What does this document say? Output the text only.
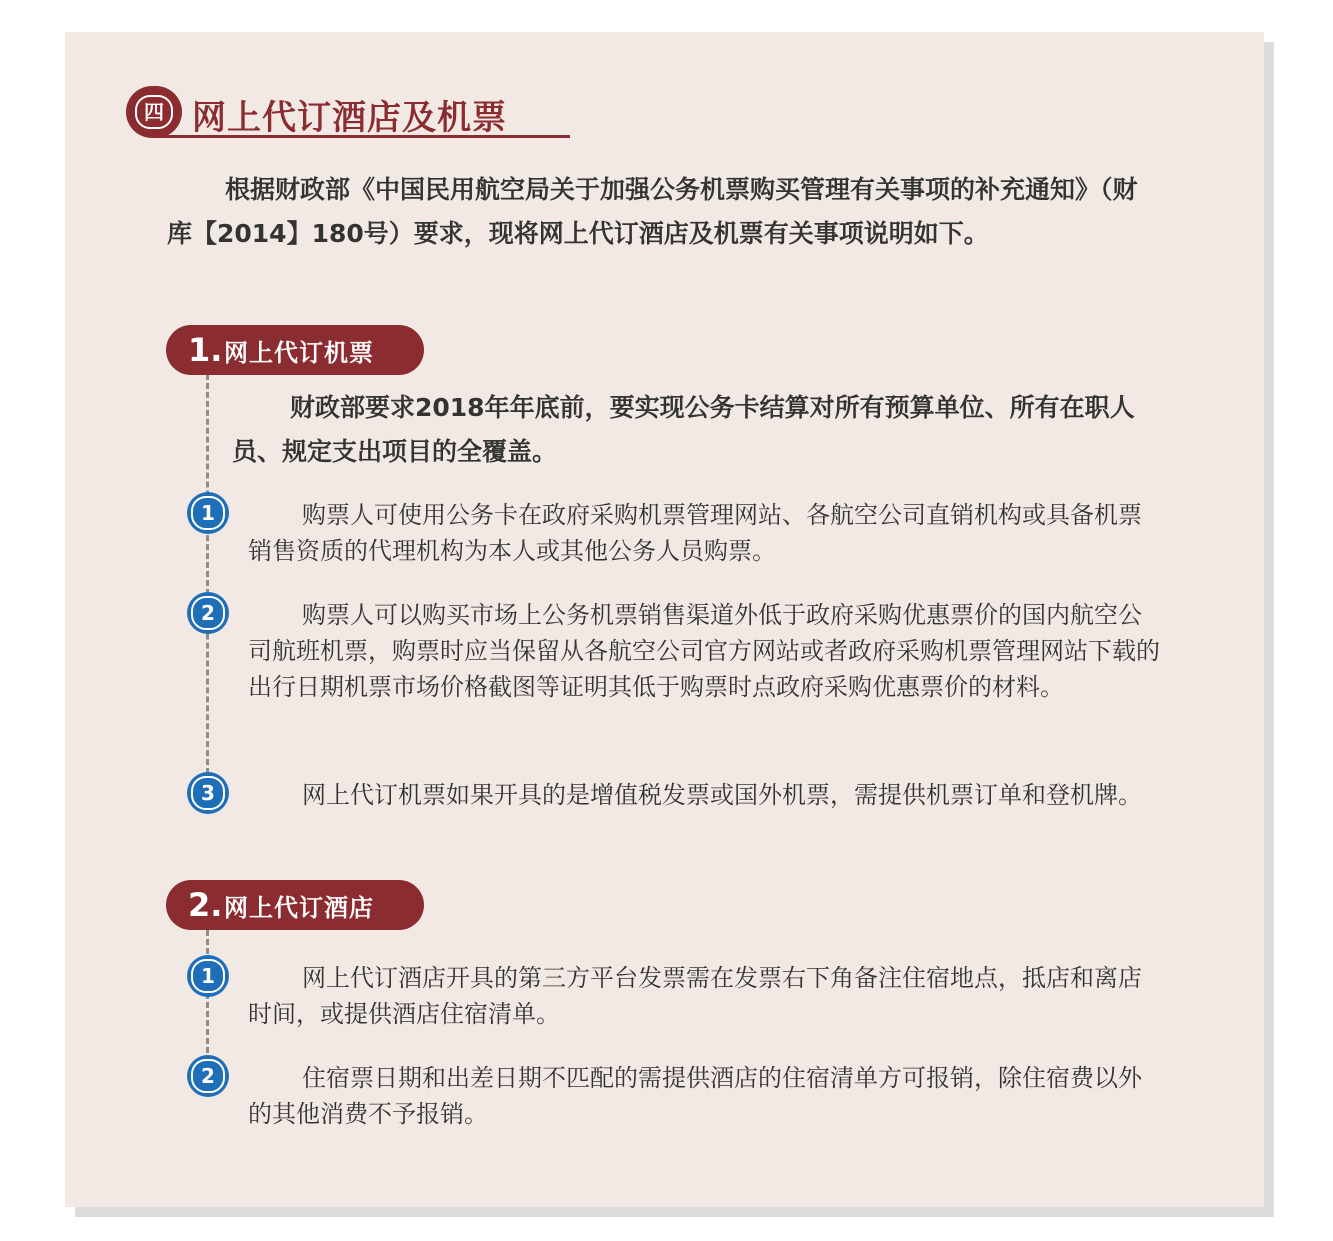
四 网上代订酒店及机票
根据财政部《中国民用航空局关于加强公务机票购买管理有关事项的补充通知》（财库【2014】180号）要求，现将网上代订酒店及机票有关事项说明如下。
1. 网上代订机票
财政部要求2018年年底前，要实现公务卡结算对所有预算单位、所有在职人员、规定支出项目的全覆盖。
1	购票人可使用公务卡在政府采购机票管理网站、各航空公司直销机构或具备机票销售资质的代理机构为本人或其他公务人员购票。
2	购票人可以购买市场上公务机票销售渠道外低于政府采购优惠票价的国内航空公司航班机票，购票时应当保留从各航空公司官方网站或者政府采购机票管理网站下载的出行日期机票市场价格截图等证明其低于购票时点政府采购优惠票价的材料。
3	网上代订机票如果开具的是增值税发票或国外机票，需提供机票订单和登机牌。
2. 网上代订酒店
1	网上代订酒店开具的第三方平台发票需在发票右下角备注住宿地点，抵店和离店时间，或提供酒店住宿清单。
2	住宿票日期和出差日期不匹配的需提供酒店的住宿清单方可报销，除住宿费以外的其他消费不予报销。
